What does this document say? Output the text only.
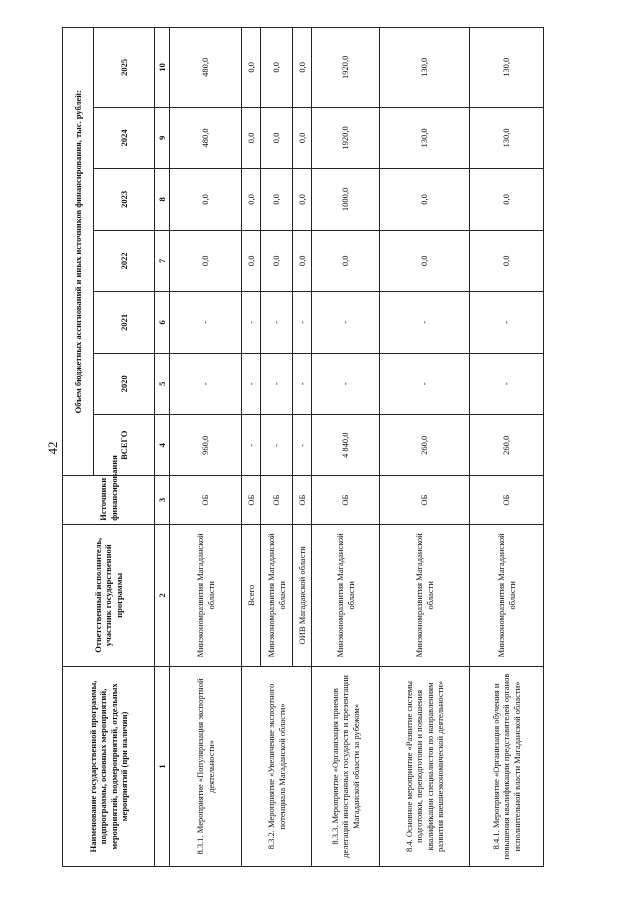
42
Наименование государственной программы, подпрограммы, основных мероприятий, мероприятий, подмероприятий, отдельных мероприятий (при наличии)	Ответственный исполнитель, участник государственной программы	Источники финансирования	Объем бюджетных ассигнований и иных источников финансирования, тыс. рублей:						
			ВСЕГО	2020	2021	2022	2023	2024	2025
1	2	3	4	5	6	7	8	9	10
8.3.1. Мероприятие «Популяризация экспортной деятельности»	Минэкономразвития Магаданской области	ОБ	960,0	-	-	0,0	0,0	480,0	480,0
8.3.2. Мероприятие «Увеличение экспортного потенциала Магаданской области»	Всего	ОБ	-	-	-	0,0	0,0	0,0	0,0
	Минэкономразвития Магаданской области	ОБ	-	-	-	0,0	0,0	0,0	0,0
	ОИВ Магаданской области	ОБ	-	-	-	0,0	0,0	0,0	0,0
8.3.3. Мероприятие «Организация приемов делегаций иностранных государств и презентации Магаданской области за рубежом»	Минэкономразвития Магаданской области	ОБ	4 840,0	-	-	0,0	1000,0	1920,0	1920,0
8.4. Основное мероприятие «Развитие системы подготовки, переподготовки и повышения квалификации специалистов по направлениям развития внешнеэкономической деятельности»	Минэкономразвития Магаданской области	ОБ	260,0	-	-	0,0	0,0	130,0	130,0
8.4.1. Мероприятие «Организация обучения и повышения квалификации представителей органов исполнительной власти Магаданской области»	Минэкономразвития Магаданской области	ОБ	260,0	-	-	0,0	0,0	130,0	130,0
